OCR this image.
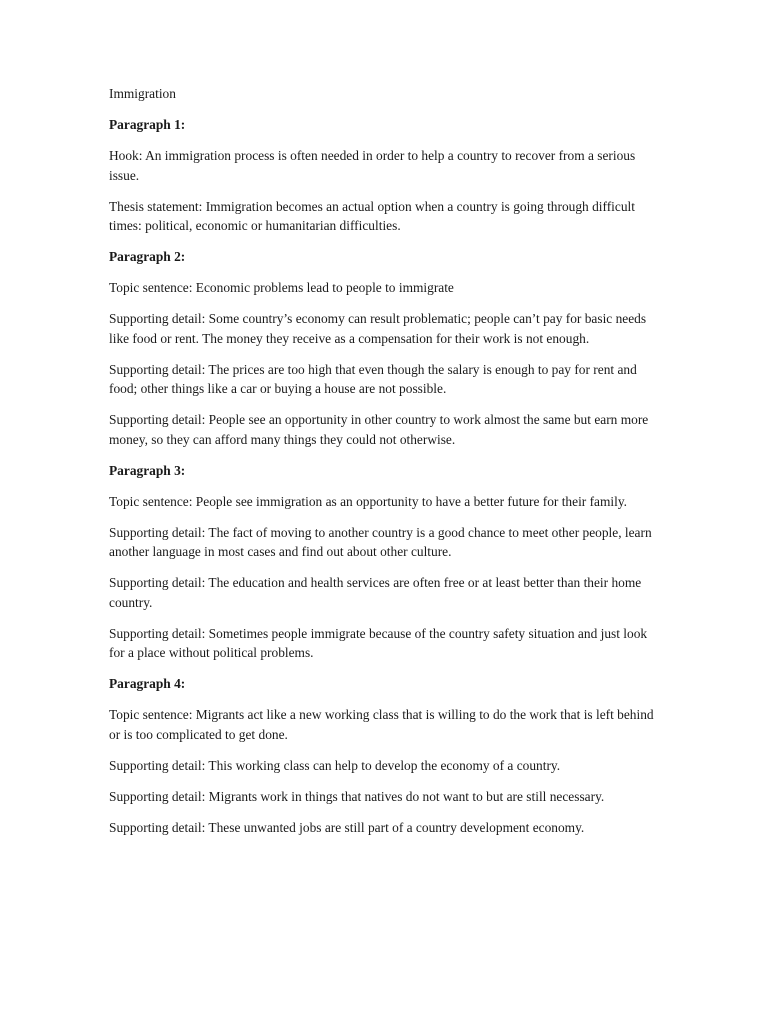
Immigration

Paragraph 1:

Hook: An immigration process is often needed in order to help a country to recover from a serious issue.

Thesis statement: Immigration becomes an actual option when a country is going through difficult times: political, economic or humanitarian difficulties.

Paragraph 2:

Topic sentence: Economic problems lead to people to immigrate

Supporting detail: Some country’s economy can result problematic; people can’t pay for basic needs like food or rent. The money they receive as a compensation for their work is not enough.

Supporting detail: The prices are too high that even though the salary is enough to pay for rent and food; other things like a car or buying a house are not possible.

Supporting detail: People see an opportunity in other country to work almost the same but earn more money, so they can afford many things they could not otherwise.

Paragraph 3:

Topic sentence: People see immigration as an opportunity to have a better future for their family.

Supporting detail: The fact of moving to another country is a good chance to meet other people, learn another language in most cases and find out about other culture.

Supporting detail: The education and health services are often free or at least better than their home country.

Supporting detail: Sometimes people immigrate because of the country safety situation and just look for a place without political problems.

Paragraph 4:

Topic sentence: Migrants act like a new working class that is willing to do the work that is left behind or is too complicated to get done.

Supporting detail: This working class can help to develop the economy of a country.

Supporting detail: Migrants work in things that natives do not want to but are still necessary.

Supporting detail: These unwanted jobs are still part of a country development economy.
